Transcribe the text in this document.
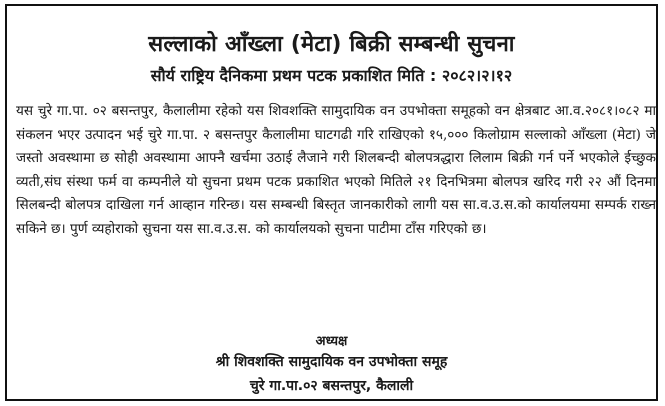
सल्लाको आँख्ला (मेटा) बिक्री सम्बन्धी सुचना
सौर्य राष्ट्रिय दैनिकमा प्रथम पटक प्रकाशित मिति : २०८२।२।१२
यस चुरे गा.पा. ०२ बसन्तपुर, कैलालीमा रहेको यस शिवशक्ति सामुदायिक वन उपभोक्ता समूहको वन क्षेत्रबाट आ.व.२०८१।०८२ मा संकलन भएर उत्पादन भई चुरे गा.पा. २ बसन्तपुर कैलालीमा घाटगढी गरि राखिएको १५,००० किलोग्राम सल्लाको आँख्ला (मेटा) जे जस्तो अवस्थामा छ सोही अवस्थामा आफ्नै खर्चमा उठाई लैजाने गरी शिलबन्दी बोलपत्रद्धारा लिलाम बिक्री गर्न पर्ने भएकोले ईच्छुक व्यती,संघ संस्था फर्म वा कम्पनीले यो सुचना प्रथम पटक प्रकाशित भएको मितिले २१ दिनभित्रमा बोलपत्र खरिद गरी २२ औं दिनमा सिलबन्दी बोलपत्र दाखिला गर्न आव्हान गरिन्छ। यस सम्बन्धी बिस्तृत जानकारीको लागी यस सा.व.उ.स.को कार्यालयमा सम्पर्क राख्न सकिने छ। पुर्ण व्यहोराको सुचना यस सा.व.उ.स. को कार्यालयको सुचना पाटीमा टाँस गरिएको छ।
अध्यक्ष
श्री शिवशक्ति सामुदायिक वन उपभोक्ता समूह
चुरे गा.पा.०२ बसन्तपुर, कैलाली
